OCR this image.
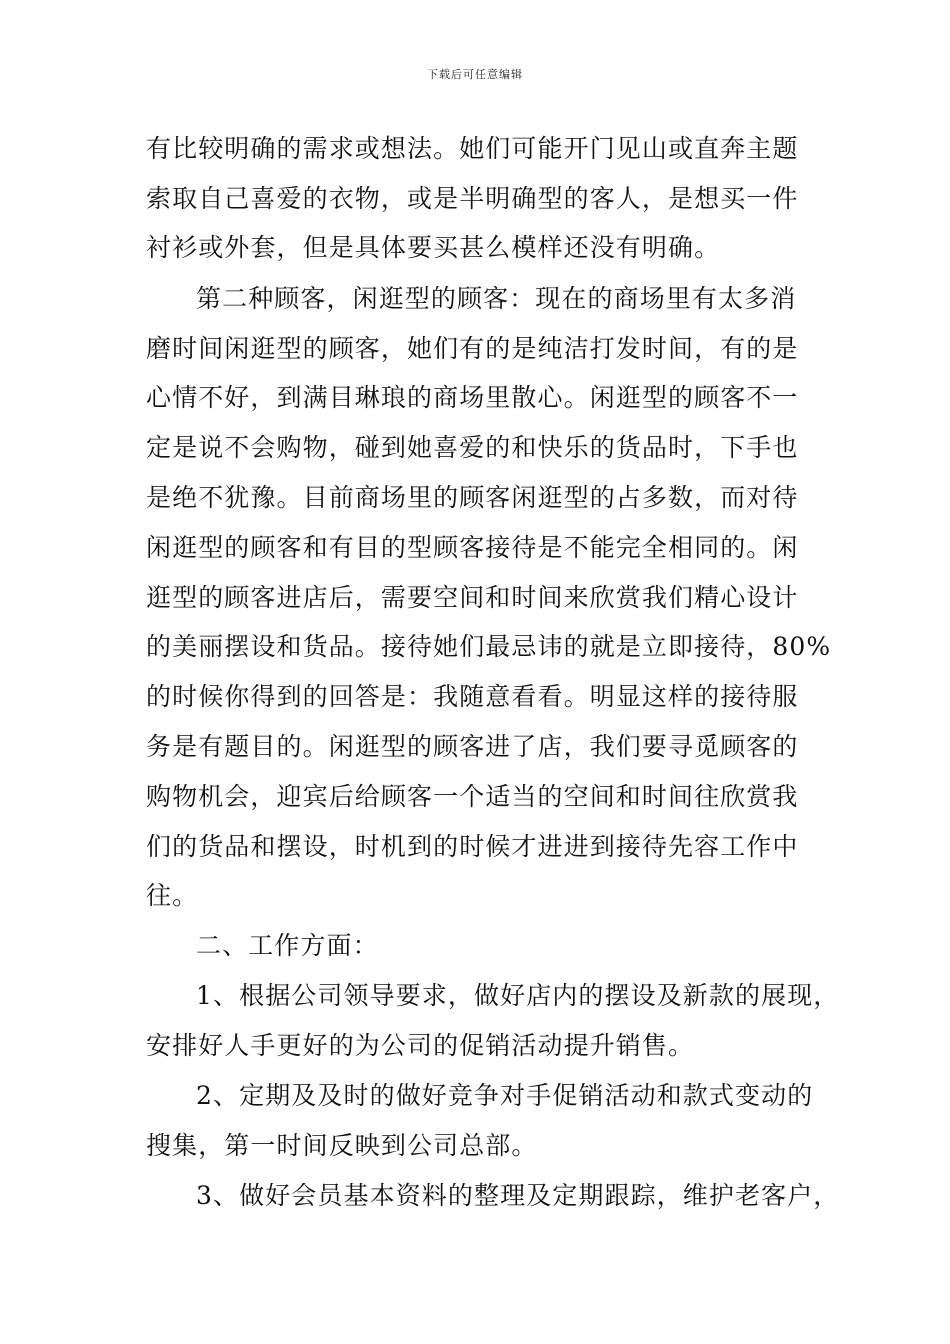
下载后可任意编辑
有比较明确的需求或想法。她们可能开门见山或直奔主题
索取自己喜爱的衣物，或是半明确型的客人，是想买一件
衬衫或外套，但是具体要买甚么模样还没有明确。
第二种顾客，闲逛型的顾客：现在的商场里有太多消
磨时间闲逛型的顾客，她们有的是纯洁打发时间，有的是
心情不好，到满目琳琅的商场里散心。闲逛型的顾客不一
定是说不会购物，碰到她喜爱的和快乐的货品时，下手也
是绝不犹豫。目前商场里的顾客闲逛型的占多数，而对待
闲逛型的顾客和有目的型顾客接待是不能完全相同的。闲
逛型的顾客进店后，需要空间和时间来欣赏我们精心设计
的美丽摆设和货品。接待她们最忌讳的就是立即接待，80%
的时候你得到的回答是：我随意看看。明显这样的接待服
务是有题目的。闲逛型的顾客进了店，我们要寻觅顾客的
购物机会，迎宾后给顾客一个适当的空间和时间往欣赏我
们的货品和摆设，时机到的时候才进进到接待先容工作中
往。
二、工作方面：
1、根据公司领导要求，做好店内的摆设及新款的展现，
安排好人手更好的为公司的促销活动提升销售。
2、定期及及时的做好竞争对手促销活动和款式变动的
搜集，第一时间反映到公司总部。
3、做好会员基本资料的整理及定期跟踪，维护老客户，
